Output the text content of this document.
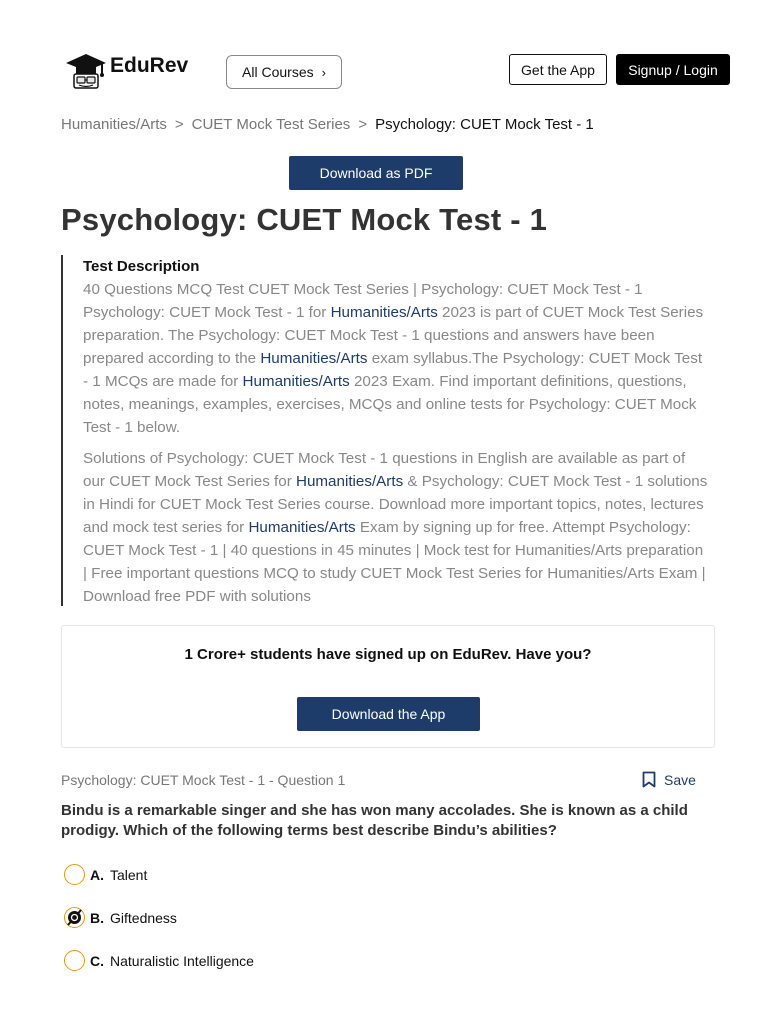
EduRev	All Courses ›	Get the App	Signup / Login
Humanities/Arts > CUET Mock Test Series > Psychology: CUET Mock Test - 1
Download as PDF
Psychology: CUET Mock Test - 1
Test Description

40 Questions MCQ Test CUET Mock Test Series | Psychology: CUET Mock Test - 1 Psychology: CUET Mock Test - 1 for Humanities/Arts 2023 is part of CUET Mock Test Series preparation. The Psychology: CUET Mock Test - 1 questions and answers have been prepared according to the Humanities/Arts exam syllabus.The Psychology: CUET Mock Test - 1 MCQs are made for Humanities/Arts 2023 Exam. Find important definitions, questions, notes, meanings, examples, exercises, MCQs and online tests for Psychology: CUET Mock Test - 1 below.

Solutions of Psychology: CUET Mock Test - 1 questions in English are available as part of our CUET Mock Test Series for Humanities/Arts & Psychology: CUET Mock Test - 1 solutions in Hindi for CUET Mock Test Series course. Download more important topics, notes, lectures and mock test series for Humanities/Arts Exam by signing up for free. Attempt Psychology: CUET Mock Test - 1 | 40 questions in 45 minutes | Mock test for Humanities/Arts preparation | Free important questions MCQ to study CUET Mock Test Series for Humanities/Arts Exam | Download free PDF with solutions

1 Crore+ students have signed up on EduRev. Have you?
Download the App
Psychology: CUET Mock Test - 1 - Question 1	Save
Bindu is a remarkable singer and she has won many accolades. She is known as a child prodigy. Which of the following terms best describe Bindu’s abilities?
A. Talent
B. Giftedness
C. Naturalistic Intelligence
